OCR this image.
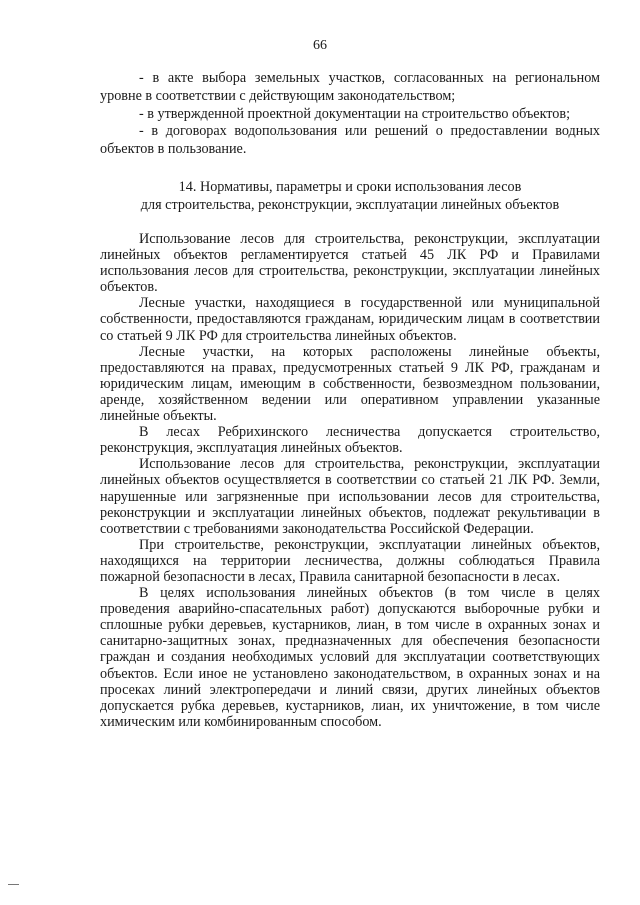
66

- в акте выбора земельных участков, согласованных на региональном уровне в соответствии с действующим законодательством;

- в утвержденной проектной документации на строительство объектов;

- в договорах водопользования или решений о предоставлении водных объектов в пользование.

14. Нормативы, параметры и сроки использования лесов
для строительства, реконструкции, эксплуатации линейных объектов

Использование лесов для строительства, реконструкции, эксплуатации линейных объектов регламентируется статьей 45 ЛК РФ и Правилами использования лесов для строительства, реконструкции, эксплуатации линейных объектов.

Лесные участки, находящиеся в государственной или муниципальной собственности, предоставляются гражданам, юридическим лицам в соответствии со статьей 9 ЛК РФ для строительства линейных объектов.

Лесные участки, на которых расположены линейные объекты, предоставляются на правах, предусмотренных статьей 9 ЛК РФ, гражданам и юридическим лицам, имеющим в собственности, безвозмездном пользовании, аренде, хозяйственном ведении или оперативном управлении указанные линейные объекты.

В лесах Ребрихинского лесничества допускается строительство, реконструкция, эксплуатация линейных объектов.

Использование лесов для строительства, реконструкции, эксплуатации линейных объектов осуществляется в соответствии со статьей 21 ЛК РФ. Земли, нарушенные или загрязненные при использовании лесов для строительства, реконструкции и эксплуатации линейных объектов, подлежат рекультивации в соответствии с требованиями законодательства Российской Федерации.

При строительстве, реконструкции, эксплуатации линейных объектов, находящихся на территории лесничества, должны соблюдаться Правила пожарной безопасности в лесах, Правила санитарной безопасности в лесах.

В целях использования линейных объектов (в том числе в целях проведения аварийно-спасательных работ) допускаются выборочные рубки и сплошные рубки деревьев, кустарников, лиан, в том числе в охранных зонах и санитарно-защитных зонах, предназначенных для обеспечения безопасности граждан и создания необходимых условий для эксплуатации соответствующих объектов. Если иное не установлено законодательством, в охранных зонах и на просеках линий электропередачи и линий связи, других линейных объектов допускается рубка деревьев, кустарников, лиан, их уничтожение, в том числе химическим или комбинированным способом.
